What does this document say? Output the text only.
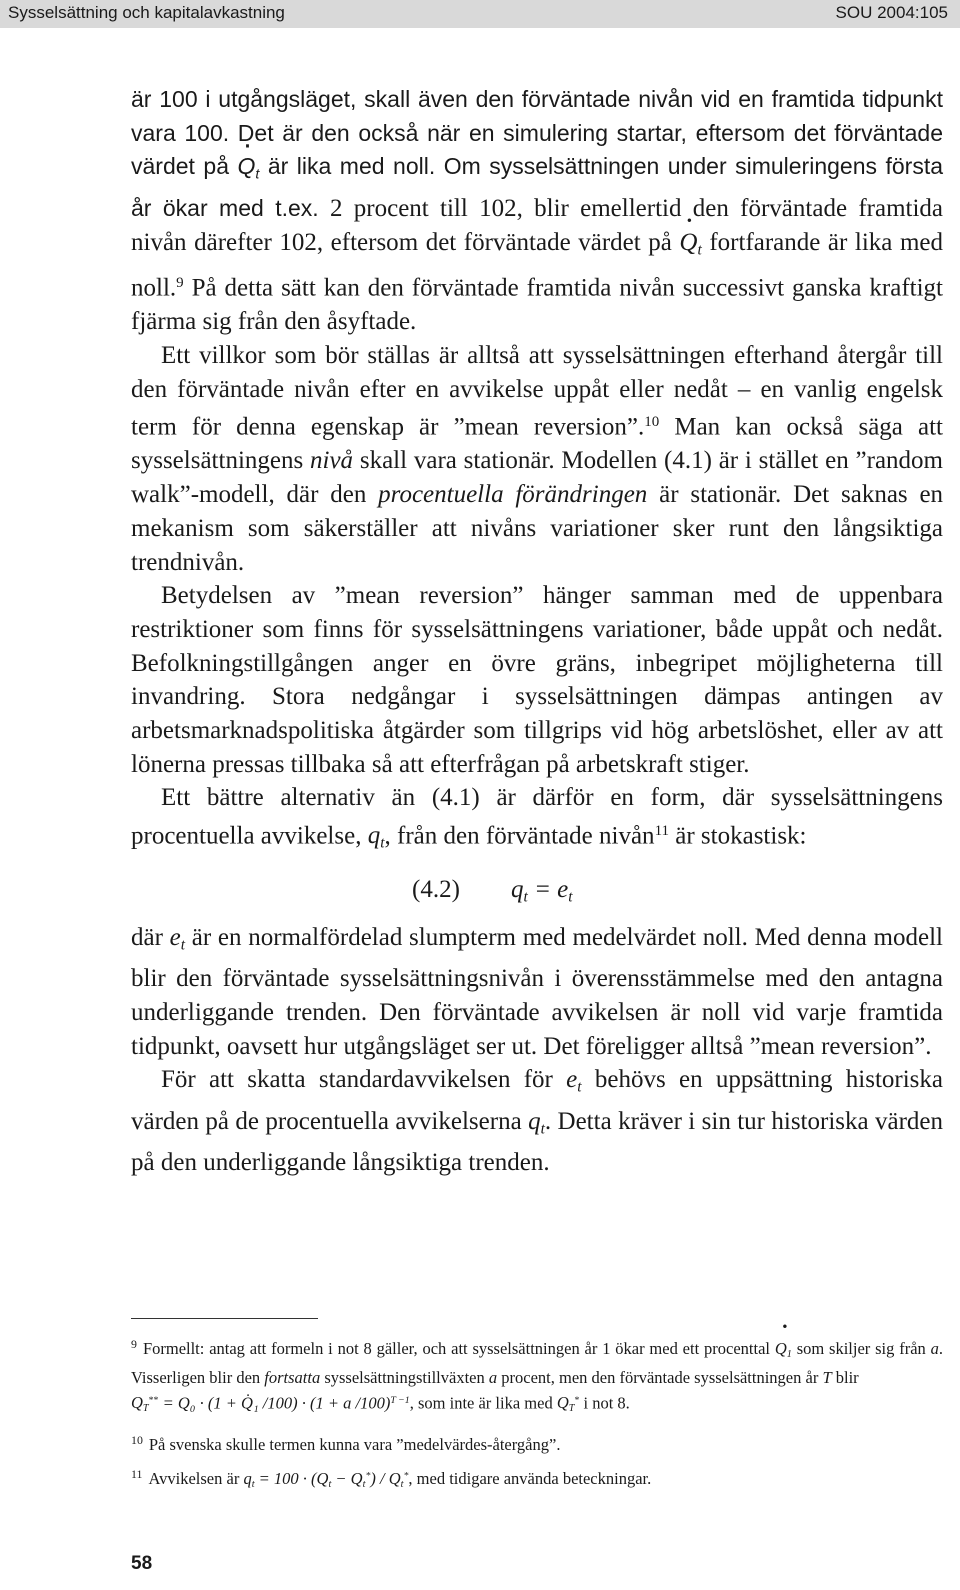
Sysselsättning och kapitalavkastning	SOU 2004:105

är 100 i utgångsläget, skall även den förväntade nivån vid en framtida tidpunkt vara 100. Det är den också när en simulering startar, eftersom det förväntade värdet på · $Q_t$ är lika med noll. Om sysselsättningen under simuleringens första år ökar med t.ex. 2 procent till 102, blir emellertid den förväntade framtida nivån därefter 102, eftersom det förväntade värdet på · $Q_t$ fortfarande är lika med noll.$^9$ På detta sätt kan den förväntade framtida nivån successivt ganska kraftigt fjärma sig från den åsyftade.

Ett villkor som bör ställas är alltså att sysselsättningen efterhand återgår till den förväntade nivån efter en avvikelse uppåt eller nedåt – en vanlig engelsk term för denna egenskap är ”mean reversion”.$^{10}$ Man kan också säga att sysselsättningens nivå skall vara stationär. Modellen (4.1) är i stället en ”random walk”-modell, där den procentuella förändringen är stationär. Det saknas en mekanism som säkerställer att nivåns variationer sker runt den långsiktiga trendnivån.

Betydelsen av ”mean reversion” hänger samman med de uppenbara restriktioner som finns för sysselsättningens variationer, både uppåt och nedåt. Befolkningstillgången anger en övre gräns, inbegripet möjligheterna till invandring. Stora nedgångar i sysselsättningen dämpas antingen av arbetsmarknadspolitiska åtgärder som tillgrips vid hög arbetslöshet, eller av att lönerna pressas tillbaka så att efterfrågan på arbetskraft stiger.

Ett bättre alternativ än (4.1) är därför en form, där sysselsättningens procentuella avvikelse, $q_t$, från den förväntade nivån$^{11}$ är stokastisk:

(4.2) $q_t = e_t$

där $e_t$ är en normalfördelad slumpterm med medelvärdet noll. Med denna modell blir den förväntade sysselsättningsnivån i överensstämmelse med den antagna underliggande trenden. Den förväntade avvikelsen är noll vid varje framtida tidpunkt, oavsett hur utgångsläget ser ut. Det föreligger alltså ”mean reversion”.

För att skatta standardavvikelsen för $e_t$ behövs en uppsättning historiska värden på de procentuella avvikelserna $q_t$. Detta kräver i sin tur historiska värden på den underliggande långsiktiga trenden.

$^9$ Formellt: antag att formeln i not 8 gäller, och att sysselsättningen år 1 ökar med ett procenttal · $Q_1$ som skiljer sig från a. Visserligen blir den fortsatta sysselsättningstillväxten a procent, men den förväntade sysselsättningen år T blir
$Q_T^{**} = Q_0 \cdot (1$ + Q̇₁ /100) · (1 + a /100)$^{T -1}$, som inte är lika med $Q_T^*$ i not 8.

$^{10}$ På svenska skulle termen kunna vara ”medelvärdes-återgång”.

$^{11}$ Avvikelsen är $q_t = 100 \cdot (Q_t - Q_t^*) / Q_t^*$, med tidigare använda beteckningar.

58
